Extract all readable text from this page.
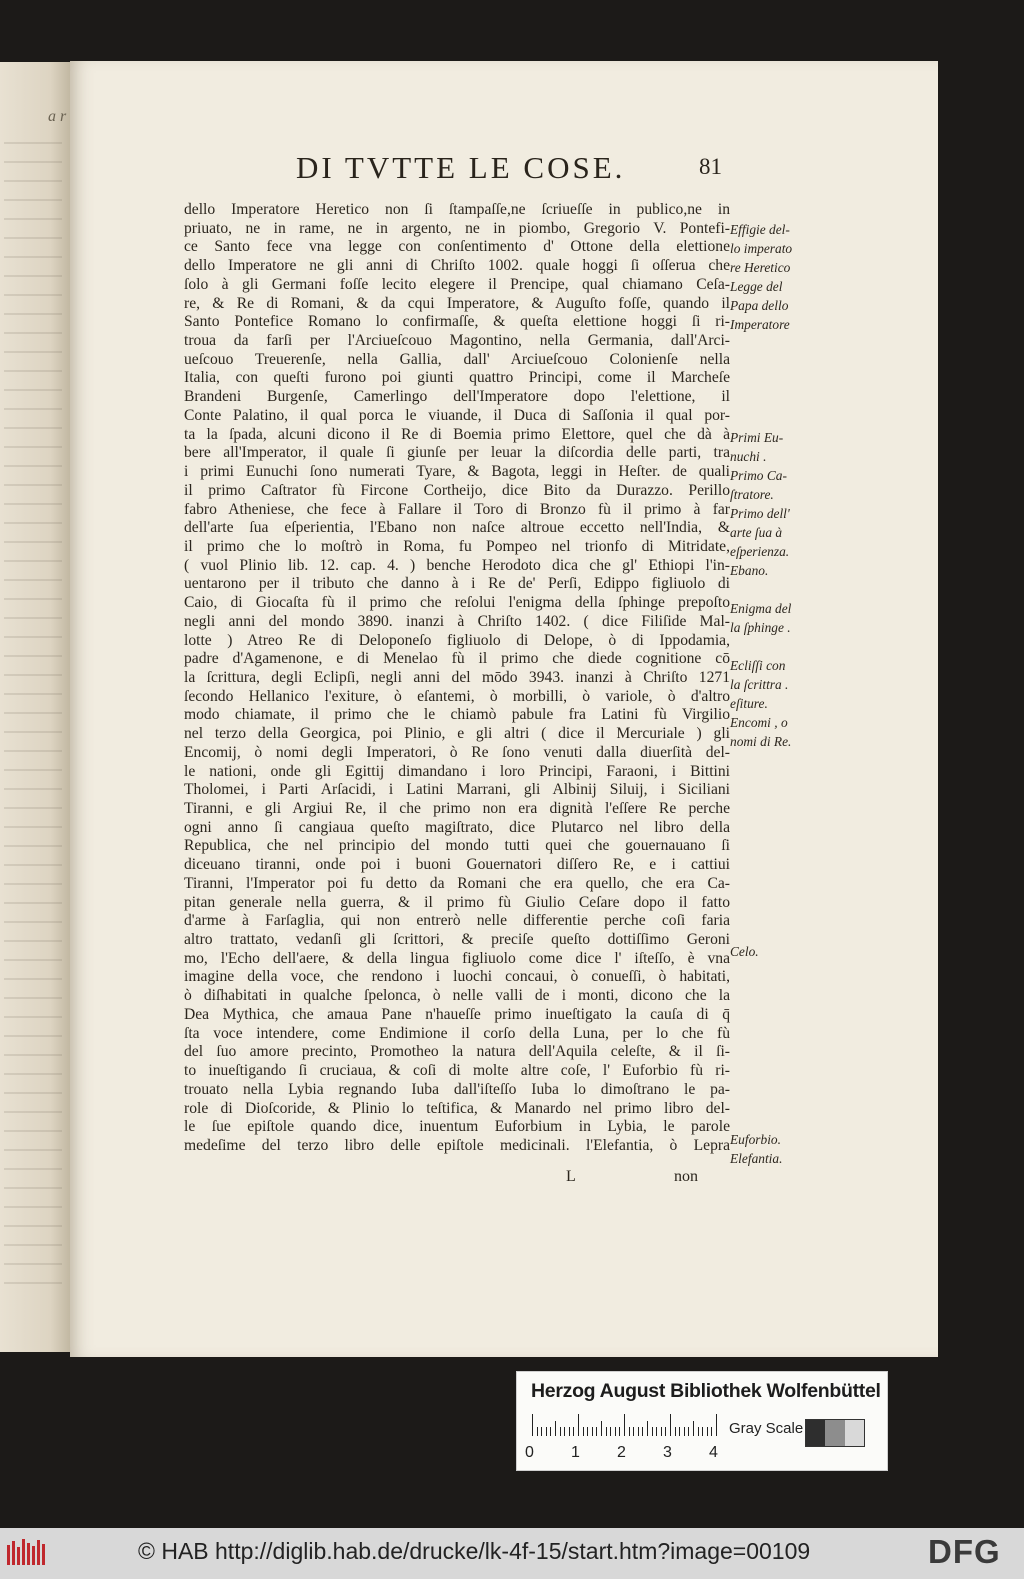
a r
DI TVTTE LE COSE.	81
dello Imperatore Heretico non ſi ſtampaſſe,ne ſcriueſſe in publico,ne in
priuato, ne in rame, ne in argento, ne in piombo, Gregorio V. Pontefi-
ce Santo fece vna legge con conſentimento d' Ottone della elettione
dello Imperatore ne gli anni di Chriſto 1002. quale hoggi ſi oſſerua che
ſolo à gli Germani foſſe lecito elegere il Prencipe, qual chiamano Ceſa-
re, & Re di Romani, & da cqui Imperatore, & Auguſto foſſe, quando il
Santo Pontefice Romano lo confirmaſſe, & queſta elettione hoggi ſi ri-
troua da farſi per l'Arciueſcouo Magontino, nella Germania, dall'Arci-
ueſcouo Treuerenſe, nella Gallia, dall' Arciueſcouo Colonienſe nella
Italia, con queſti furono poi giunti quattro Principi, come il Marcheſe
Brandeni Burgenſe, Camerlingo dell'Imperatore dopo l'elettione, il
Conte Palatino, il qual porca le viuande, il Duca di Saſſonia il qual por-
ta la ſpada, alcuni dicono il Re di Boemia primo Elettore, quel che dà à
bere all'Imperator, il quale ſi giunſe per leuar la diſcordia delle parti, tra
i primi Eunuchi ſono numerati Tyare, & Bagota, leggi in Heſter. de quali
il primo Caſtrator fù Fircone Cortheijo, dice Bito da Durazzo. Perillo
fabro Atheniese, che fece à Fallare il Toro di Bronzo fù il primo à far
dell'arte ſua eſperientia, l'Ebano non naſce altroue eccetto nell'India, &
il primo che lo moſtrò in Roma, fu Pompeo nel trionfo di Mitridate,
( vuol Plinio lib. 12. cap. 4. ) benche Herodoto dica che gl' Ethiopi l'in-
uentarono per il tributo che danno à i Re de' Perſi, Edippo figliuolo di
Caio, di Giocaſta fù il primo che reſolui l'enigma della ſphinge prepoſto
negli anni del mondo 3890. inanzi à Chriſto 1402. ( dice Filiſide Mal-
lotte ) Atreo Re di Deloponeſo figliuolo di Delope, ò di Ippodamia,
padre d'Agamenone, e di Menelao fù il primo che diede cognitione cō
la ſcrittura, degli Eclipſi, negli anni del mōdo 3943. inanzi à Chriſto 1271
ſecondo Hellanico l'exiture, ò eſantemi, ò morbilli, ò variole, ò d'altro
modo chiamate, il primo che le chiamò pabule fra Latini fù Virgilio
nel terzo della Georgica, poi Plinio, e gli altri ( dice il Mercuriale ) gli
Encomij, ò nomi degli Imperatori, ò Re ſono venuti dalla diuerſità del-
le nationi, onde gli Egittij dimandano i loro Principi, Faraoni, i Bittini
Tholomei, i Parti Arſacidi, i Latini Marrani, gli Albinij Siluij, i Siciliani
Tiranni, e gli Argiui Re, il che primo non era dignità l'eſſere Re perche
ogni anno ſi cangiaua queſto magiſtrato, dice Plutarco nel libro della
Republica, che nel principio del mondo tutti quei che gouernauano ſi
diceuano tiranni, onde poi i buoni Gouernatori diſſero Re, e i cattiui
Tiranni, l'Imperator poi fu detto da Romani che era quello, che era Ca-
pitan generale nella guerra, & il primo fù Giulio Ceſare dopo il fatto
d'arme à Farſaglia, qui non entrerò nelle differentie perche coſi faria
altro trattato, vedanſi gli ſcrittori, & preciſe queſto dottiſſimo Geroni
mo, l'Echo dell'aere, & della lingua figliuolo come dice l' iſteſſo, è vna
imagine della voce, che rendono i luochi concaui, ò conueſſi, ò habitati,
ò diſhabitati in qualche ſpelonca, ò nelle valli de i monti, dicono che la
Dea Mythica, che amaua Pane n'haueſſe primo inueſtigato la cauſa di q̄
ſta voce intendere, come Endimione il corſo della Luna, per lo che fù
del ſuo amore precinto, Promotheo la natura dell'Aquila celeſte, & il ſi-
to inueſtigando ſi cruciaua, & coſi di molte altre coſe, l' Euforbio fù ri-
trouato nella Lybia regnando Iuba dall'iſteſſo Iuba lo dimoſtrano le pa-
role di Dioſcoride, & Plinio lo teſtifica, & Manardo nel primo libro del-
le ſue epiſtole quando dice, inuentum Euforbium in Lybia, le parole
medeſime del terzo libro delle epiſtole medicinali. l'Elefantia, ò Lepra
Effigie del-
lo imperato
re Heretico
Legge del
Papa dello
Imperatore
Primi Eu-
nuchi .
Primo Ca-
ſtratore.
Primo dell'
arte ſua à
eſperienza.
Ebano.
Enigma del
la ſphinge .
Ecliſſi con
la ſcrittra .
eſiture.
Encomi , o
nomi di Re.
Celo.
Euforbio.
Elefantia.
L	non
Herzog August Bibliothek Wolfenbüttel
0 1 2 3 4
Gray Scale
© HAB http://diglib.hab.de/drucke/lk-4f-15/start.htm?image=00109	DFG
